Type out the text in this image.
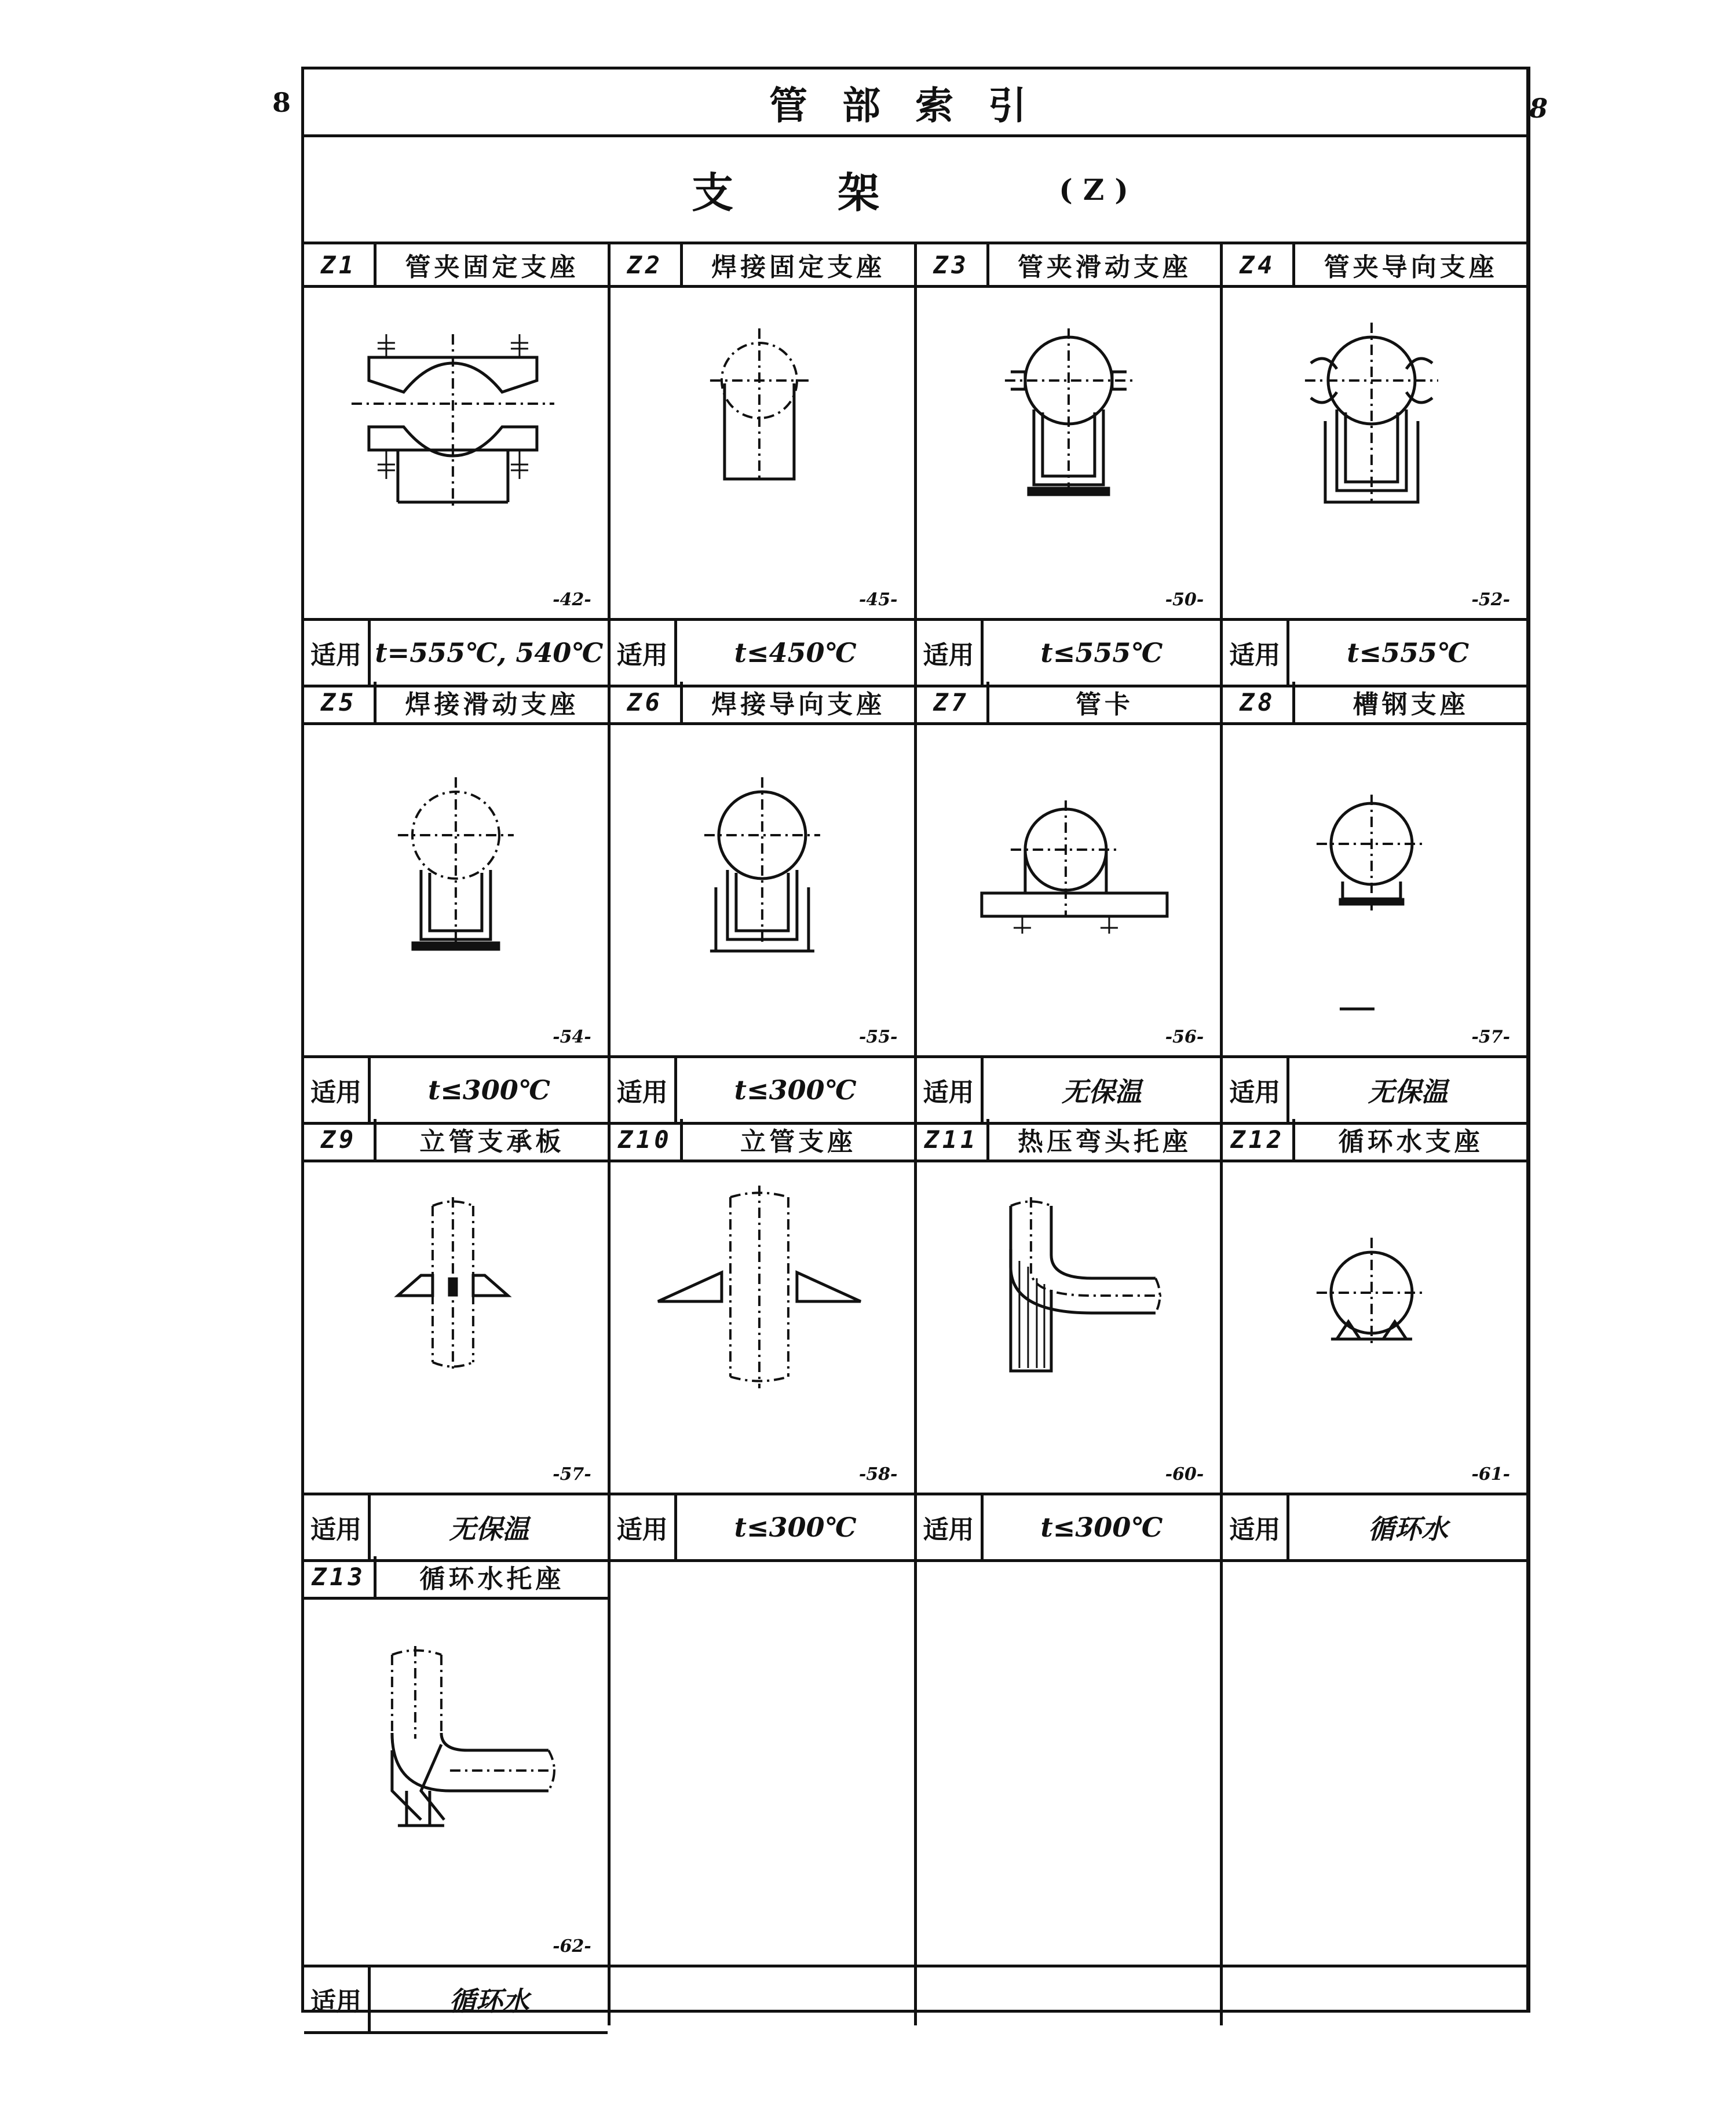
8	8
管部索引
支架	(Z)
Z1	管夹固定支座
-42-
适用 t=555℃, 540℃
Z2	焊接固定支座
-45-
适用	t≤450℃
Z3	管夹滑动支座
-50-
适用	t≤555℃
Z4	管夹导向支座
-52-
适用	t≤555℃
Z5	焊接滑动支座
-54-
适用	t≤300℃
Z6	焊接导向支座
-55-
适用	t≤300℃
Z7	管卡
-56-
适用	无保温
Z8	槽钢支座
-57-
适用	无保温
Z9	立管支承板
-57-
适用	无保温
Z10	立管支座
-58-
适用	t≤300℃
Z11	热压弯头托座
-60-
适用	t≤300℃
Z12	循环水支座
-61-
适用	循环水
Z13	循环水托座
-62-
适用	循环水
